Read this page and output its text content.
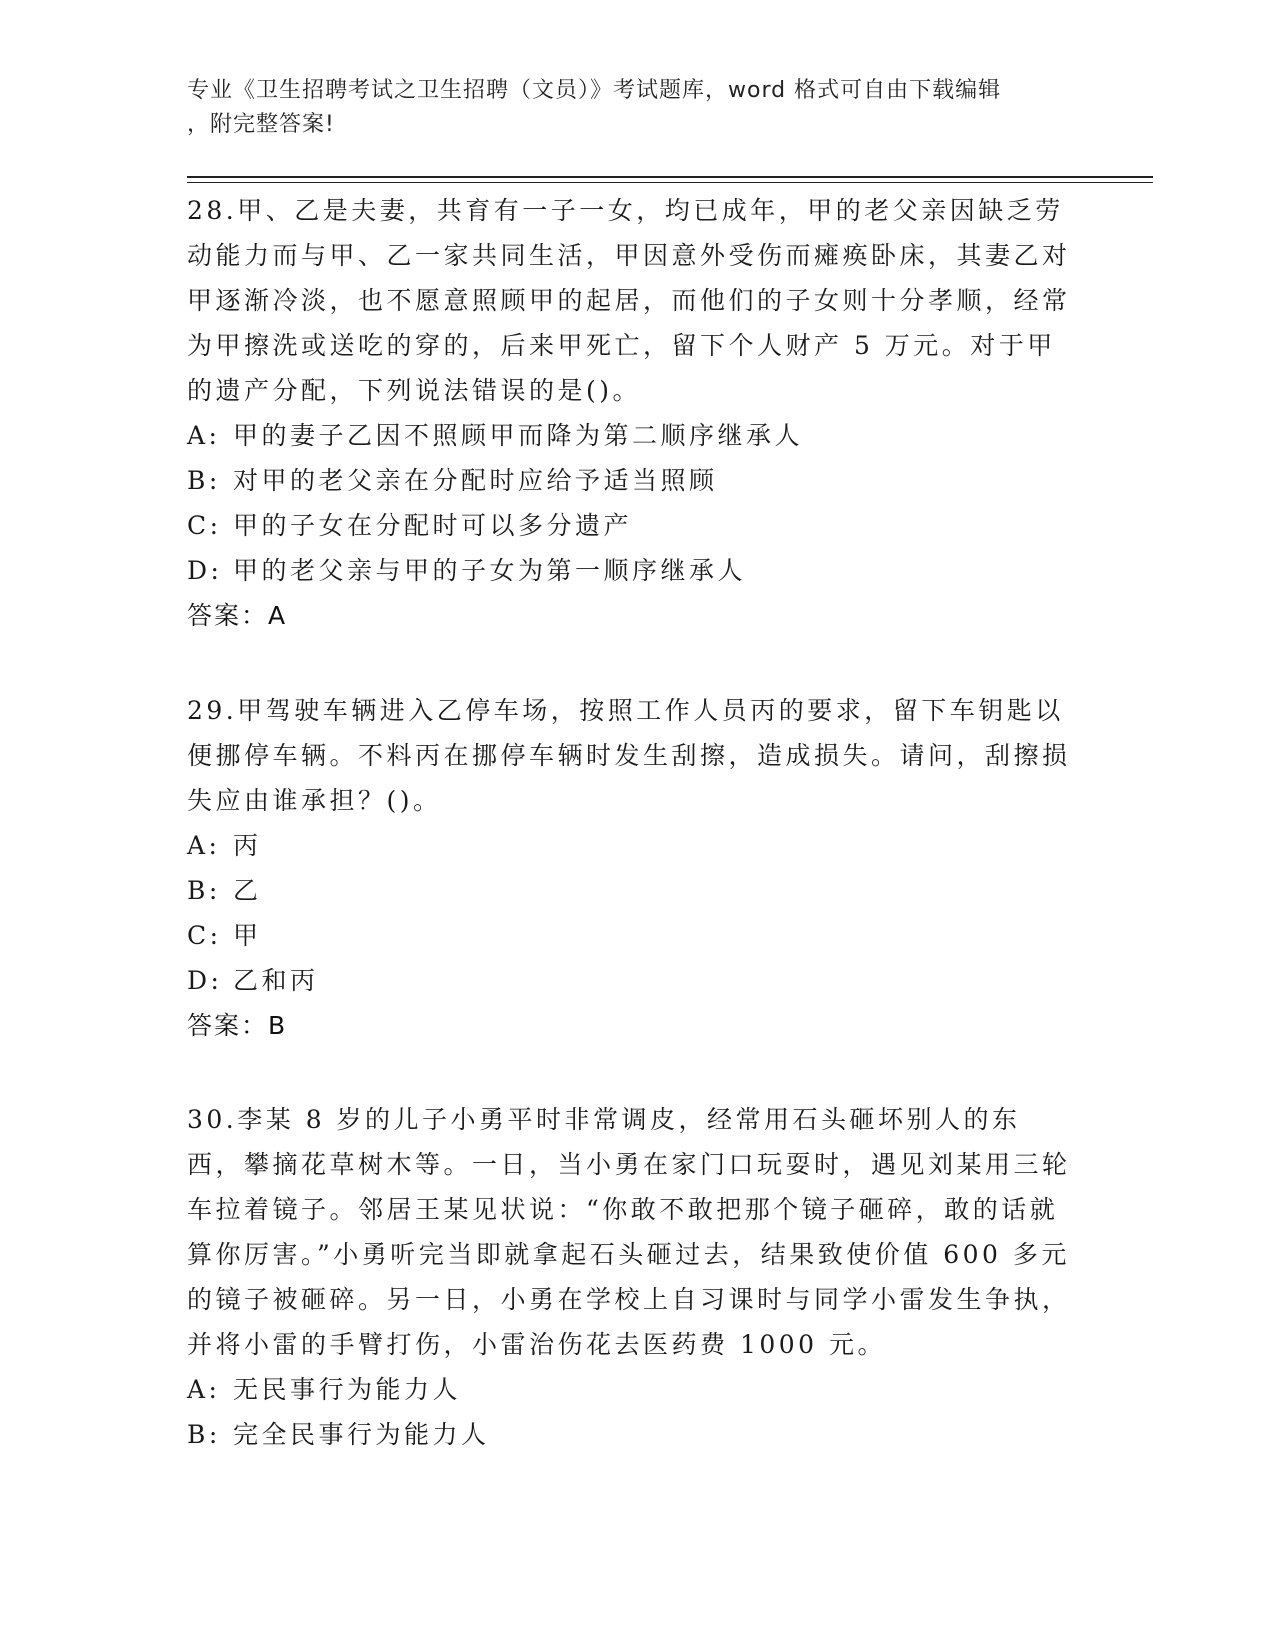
专业《卫生招聘考试之卫生招聘（文员）》考试题库，word 格式可自由下载编辑
，附完整答案!

28.甲、乙是夫妻，共育有一子一女，均已成年，甲的老父亲因缺乏劳动能力而与甲、乙一家共同生活，甲因意外受伤而瘫痪卧床，其妻乙对甲逐渐冷淡，也不愿意照顾甲的起居，而他们的子女则十分孝顺，经常为甲擦洗或送吃的穿的，后来甲死亡，留下个人财产 5 万元。对于甲的遗产分配，下列说法错误的是()。

A: 甲的妻子乙因不照顾甲而降为第二顺序继承人

B: 对甲的老父亲在分配时应给予适当照顾

C: 甲的子女在分配时可以多分遗产

D: 甲的老父亲与甲的子女为第一顺序继承人

答案：A

29.甲驾驶车辆进入乙停车场，按照工作人员丙的要求，留下车钥匙以便挪停车辆。不料丙在挪停车辆时发生刮擦，造成损失。请问，刮擦损失应由谁承担？()。

A: 丙

B: 乙

C: 甲

D: 乙和丙

答案：B

30.李某 8 岁的儿子小勇平时非常调皮，经常用石头砸坏别人的东西，攀摘花草树木等。一日，当小勇在家门口玩耍时，遇见刘某用三轮车拉着镜子。邻居王某见状说：“你敢不敢把那个镜子砸碎，敢的话就算你厉害。”小勇听完当即就拿起石头砸过去，结果致使价值 600 多元的镜子被砸碎。另一日，小勇在学校上自习课时与同学小雷发生争执，并将小雷的手臂打伤，小雷治伤花去医药费 1000 元。

A: 无民事行为能力人

B: 完全民事行为能力人
